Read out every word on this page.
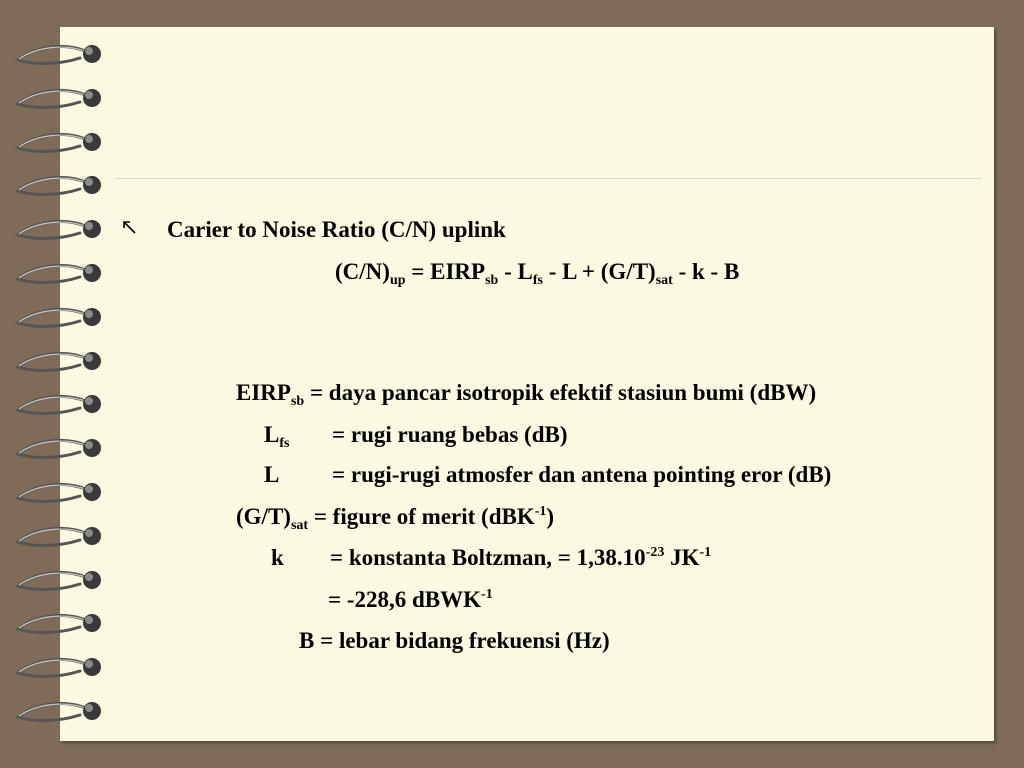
Carier to Noise Ratio (C/N) uplink
$(C/N)_{up}$ = $EIRP_{sb} - L_{fs} - L + (G/T)_{sat} - k - B$
$EIRP_{sb}$ = daya pancar isotropik efektif stasiun bumi (dBW)
$L_{fs}$ = rugi ruang bebas (dB)
L = rugi-rugi atmosfer dan antena pointing eror (dB)
$(G/T)_{sat}$ = figure of merit (dBK$^{-1}$)
k = konstanta Boltzman, = $1,38.10^{-23}$ $JK^{-1}$
= -228,6 dBWK$^{-1}$
B = lebar bidang frekuensi (Hz)
